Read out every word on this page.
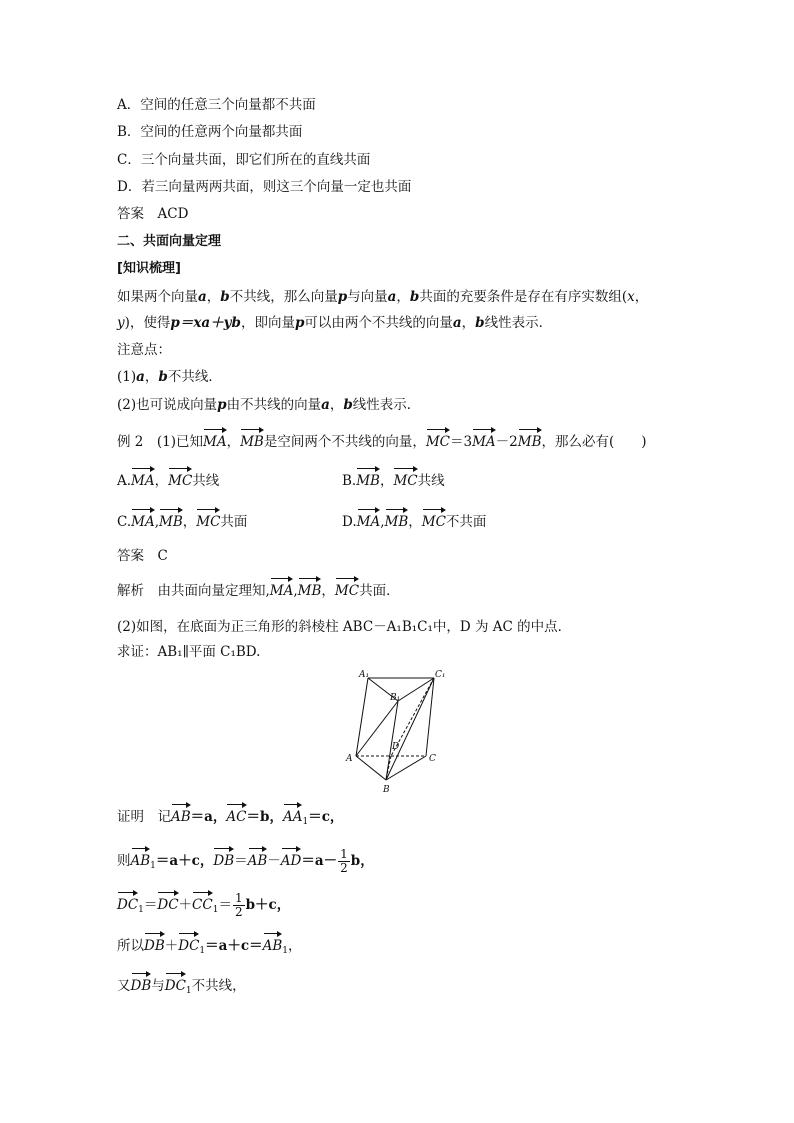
A．空间的任意三个向量都不共面
B．空间的任意两个向量都共面
C．三个向量共面，即它们所在的直线共面
D．若三向量两两共面，则这三个向量一定也共面
答案　ACD
二、共面向量定理
[知识梳理]
如果两个向量a，b不共线，那么向量p与向量a，b共面的充要条件是存在有序实数组(x，
y)，使得p＝xa＋yb，即向量p可以由两个不共线的向量a，b线性表示．
注意点：
(1)a，b不共线．
(2)也可说成向量p由不共线的向量a，b线性表示．
例 2　(1)已知MA，MB是空间两个不共线的向量，MC＝3MA－2MB，那么必有(　　)
A.MA，MC共线	B.MB，MC共线
C.MA,MB，MC共面	D.MA,MB，MC不共面
答案　C
解析　由共面向量定理知,MA,MB，MC共面．
(2)如图，在底面为正三角形的斜棱柱 ABC－A₁B₁C₁中，D 为 AC 的中点．
求证：AB₁∥平面 C₁BD.
A₁	C₁
B₁
D
A	C
B
证明　记AB＝a，AC＝b，$AA_1=c$，
则$AB_1=a+c$，$DB=AB-AD=a- \frac{1}{2}$ b，
$DC_1=DC+CC_1= \frac{1}{2} b+c$，
所以$DB+DC_1=a+c=AB_1$，
又DB与$DC_1$不共线，
